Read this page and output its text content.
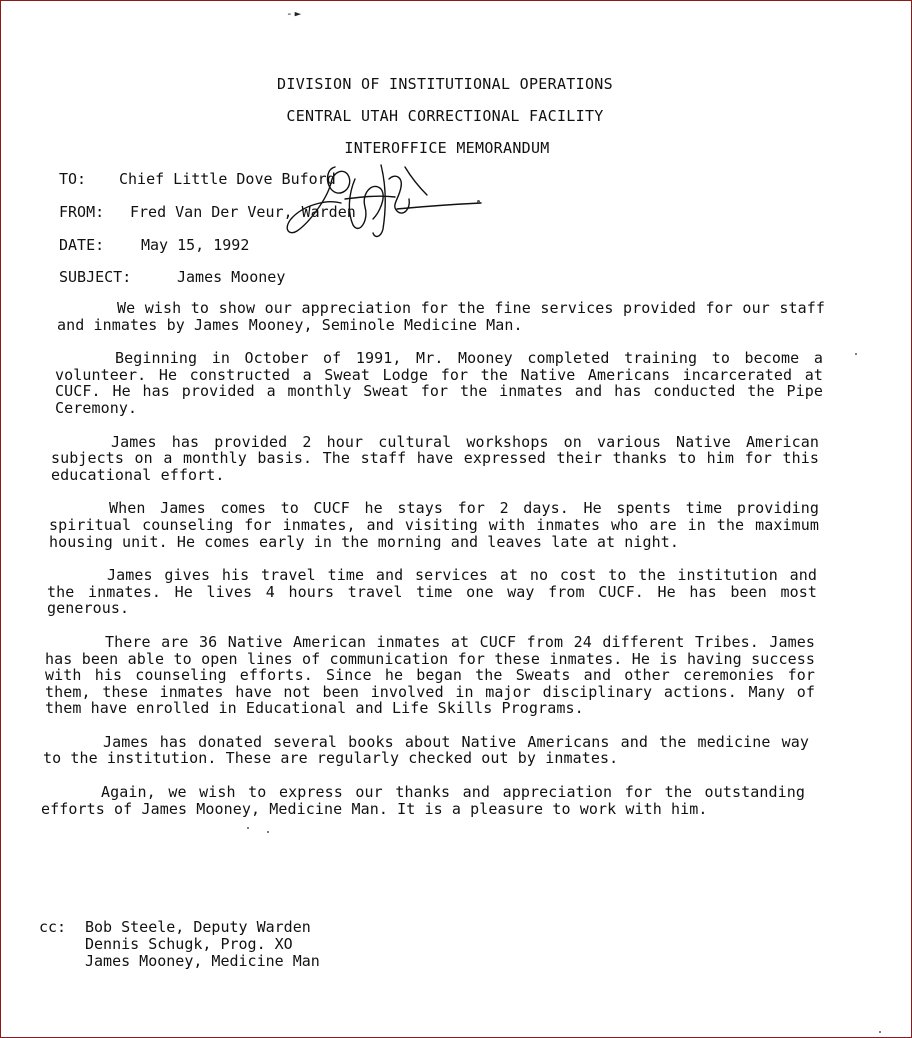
-►
DIVISION OF INSTITUTIONAL OPERATIONS
CENTRAL UTAH CORRECTIONAL FACILITY
INTEROFFICE MEMORANDUM
TO: Chief Little Dove Buford
FROM: Fred Van Der Veur, Warden
DATE: May 15, 1992
SUBJECT:	James Mooney

We wish to show our appreciation for the fine services provided for our staff and inmates by James Mooney, Seminole Medicine Man.

Beginning in October of 1991, Mr. Mooney completed training to become a volunteer. He constructed a Sweat Lodge for the Native Americans incarcerated at CUCF. He has provided a monthly Sweat for the inmates and has conducted the Pipe Ceremony.

James has provided 2 hour cultural workshops on various Native American subjects on a monthly basis. The staff have expressed their thanks to him for this educational effort.

When James comes to CUCF he stays for 2 days. He spents time providing spiritual counseling for inmates, and visiting with inmates who are in the maximum housing unit. He comes early in the morning and leaves late at night.

James gives his travel time and services at no cost to the institution and the inmates. He lives 4 hours travel time one way from CUCF. He has been most generous.

There are 36 Native American inmates at CUCF from 24 different Tribes. James has been able to open lines of communication for these inmates. He is having success with his counseling efforts. Since he began the Sweats and other ceremonies for them, these inmates have not been involved in major disciplinary actions. Many of them have enrolled in Educational and Life Skills Programs.

James has donated several books about Native Americans and the medicine way to the institution. These are regularly checked out by inmates.

Again, we wish to express our thanks and appreciation for the outstanding efforts of James Mooney, Medicine Man. It is a pleasure to work with him.

cc: Bob Steele, Deputy Warden
Dennis Schugk, Prog. XO
James Mooney, Medicine Man
